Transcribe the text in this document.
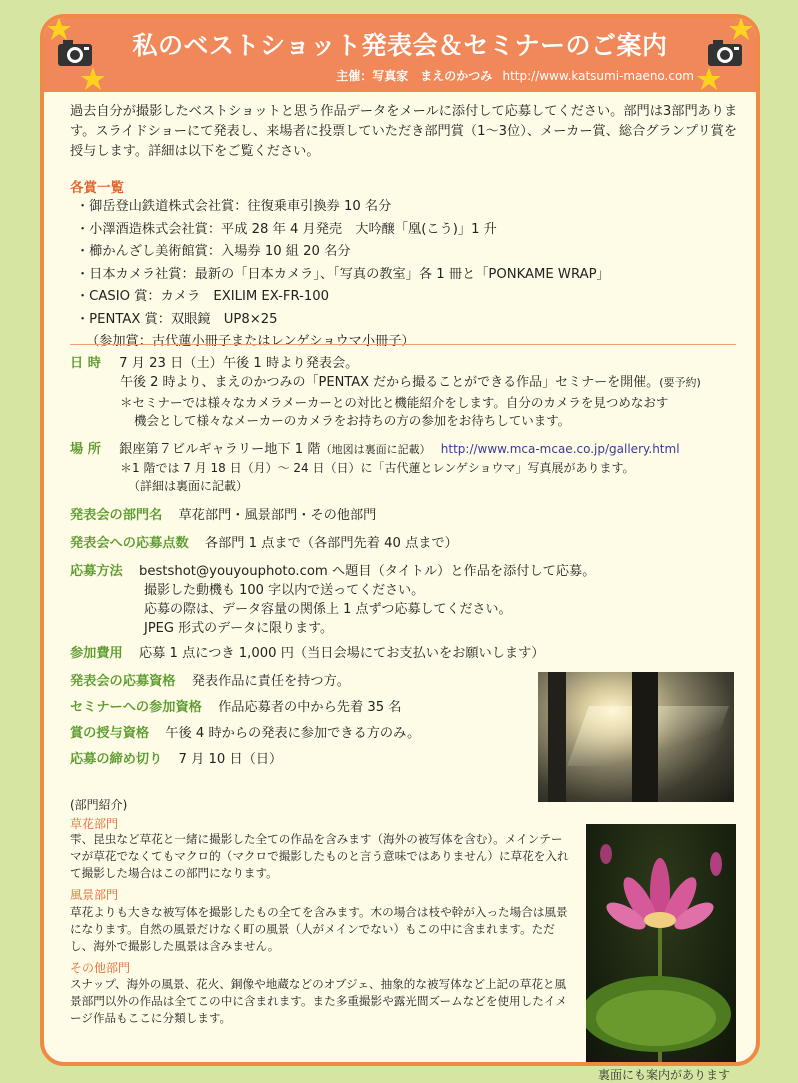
私のベストショット発表会＆セミナーのご案内
主催：写真家　まえのかつみ http://www.katsumi-maeno.com
過去自分が撮影したベストショットと思う作品データをメールに添付して応募してください。部門は3部門あります。スライドショーにて発表し、来場者に投票していただき部門賞（1～3位）、メーカー賞、総合グランプリ賞を授与します。詳細は以下をご覧ください。
各賞一覧
・御岳登山鉄道株式会社賞：往復乗車引換券 10 名分
・小澤酒造株式会社賞：平成 28 年 4 月発売　大吟醸「凰(こう)」1 升
・櫛かんざし美術館賞：入場券 10 組 20 名分
・日本カメラ社賞：最新の「日本カメラ」、「写真の教室」各 1 冊と「PONKAME WRAP」
・CASIO 賞：カメラ　EXILIM EX-FR-100
・PENTAX 賞：双眼鏡　UP8×25
（参加賞：古代蓮小冊子またはレンゲショウマ小冊子）
日 時 7 月 23 日（土）午後 1 時より発表会。
午後 2 時より、まえのかつみの「PENTAX だから撮ることができる作品」セミナーを開催。(要予約)
＊セミナーでは様々なカメラメーカーとの対比と機能紹介をします。自分のカメラを見つめなおす
機会として様々なメーカーのカメラをお持ちの方の参加をお待ちしています。
場 所 銀座第７ビルギャラリー地下 1 階（地図は裏面に記載） http://www.mca-mcae.co.jp/gallery.html
＊1 階では 7 月 18 日（月）～ 24 日（日）に「古代蓮とレンゲショウマ」写真展があります。
（詳細は裏面に記載）
発表会の部門名 草花部門・風景部門・その他部門
発表会への応募点数 各部門 1 点まで（各部門先着 40 点まで）
応募方法 bestshot@youyouphoto.com へ題目（タイトル）と作品を添付して応募。
撮影した動機も 100 字以内で送ってください。
応募の際は、データ容量の関係上 1 点ずつ応募してください。
JPEG 形式のデータに限ります。
参加費用 応募 1 点につき 1,000 円（当日会場にてお支払いをお願いします）
発表会の応募資格 発表作品に責任を持つ方。
セミナーへの参加資格 作品応募者の中から先着 35 名
賞の授与資格 午後 4 時からの発表に参加できる方のみ。
応募の締め切り 7 月 10 日（日）
(部門紹介)
草花部門
雫、昆虫など草花と一緒に撮影した全ての作品を含みます（海外の被写体を含む）。メインテーマが草花でなくてもマクロ的（マクロで撮影したものと言う意味ではありません）に草花を入れて撮影した場合はこの部門になります。
風景部門
草花よりも大きな被写体を撮影したもの全てを含みます。木の場合は枝や幹が入った場合は風景になります。自然の風景だけなく町の風景（人がメインでない）もこの中に含まれます。ただし、海外で撮影した風景は含みません。
その他部門
スナップ、海外の風景、花火、銅像や地蔵などのオブジェ、抽象的な被写体など上記の草花と風景部門以外の作品は全てこの中に含まれます。また多重撮影や露光間ズームなどを使用したイメージ作品もここに分類します。
裏面にも案内があります
